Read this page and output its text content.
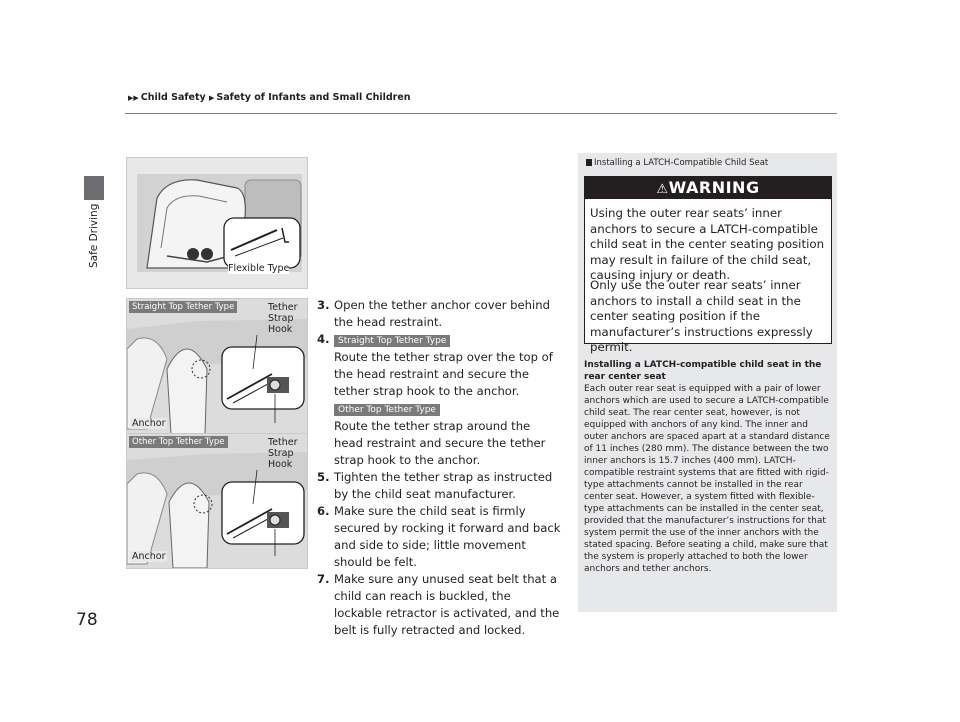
▶▶ Child Safety ▶ Safety of Infants and Small Children
Safe Driving
78
Flexible Type
Straight Top Tether Type	Tether
Strap
Hook
Anchor
Other Top Tether Type	Tether
Strap
Hook
Anchor
3. Open the tether anchor cover behind the head restraint.
4. Straight Top Tether Type
Route the tether strap over the top of the head restraint and secure the tether strap hook to the anchor.
Other Top Tether Type
Route the tether strap around the head restraint and secure the tether strap hook to the anchor.
5. Tighten the tether strap as instructed by the child seat manufacturer.
6. Make sure the child seat is firmly secured by rocking it forward and back and side to side; little movement should be felt.
7. Make sure any unused seat belt that a child can reach is buckled, the lockable retractor is activated, and the belt is fully retracted and locked.
Installing a LATCH-Compatible Child Seat
⚠WARNING
Using the outer rear seats’ inner anchors to secure a LATCH-compatible child seat in the center seating position may result in failure of the child seat, causing injury or death.
Only use the outer rear seats’ inner anchors to install a child seat in the center seating position if the manufacturer’s instructions expressly permit.
Installing a LATCH-compatible child seat in the rear center seat
Each outer rear seat is equipped with a pair of lower anchors which are used to secure a LATCH-compatible child seat. The rear center seat, however, is not equipped with anchors of any kind. The inner and outer anchors are spaced apart at a standard distance of 11 inches (280 mm). The distance between the two inner anchors is 15.7 inches (400 mm). LATCH-compatible restraint systems that are fitted with rigid-type attachments cannot be installed in the rear center seat. However, a system fitted with flexible-type attachments can be installed in the center seat, provided that the manufacturer’s instructions for that system permit the use of the inner anchors with the stated spacing. Before seating a child, make sure that the system is properly attached to both the lower anchors and tether anchors.
